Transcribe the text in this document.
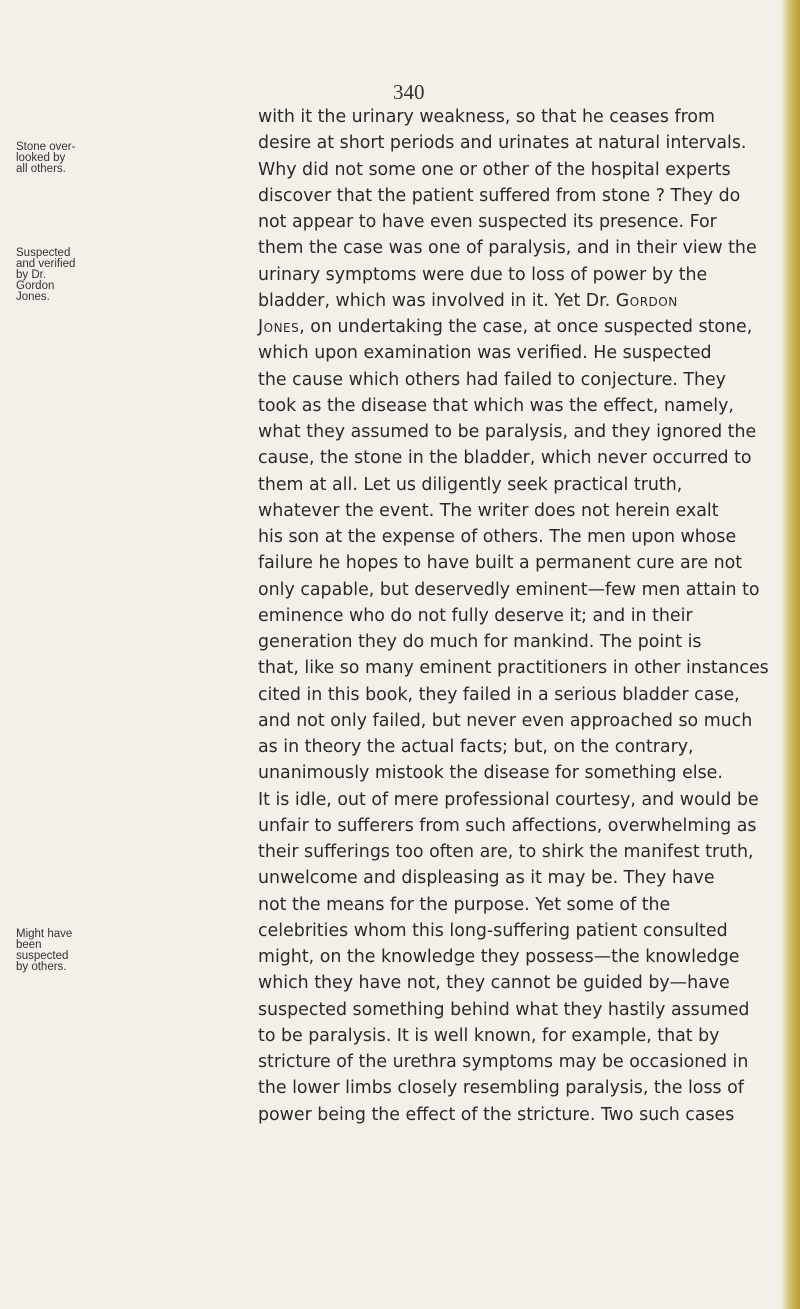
340
Stone over-
looked by
all others.
Suspected
and verified
by Dr.
Gordon
Jones.
Might have
been
suspected
by others.
with it the urinary weakness, so that he ceases from
desire at short periods and urinates at natural intervals.
Why did not some one or other of the hospital experts
discover that the patient suffered from stone ? They do
not appear to have even suspected its presence. For
them the case was one of paralysis, and in their view the
urinary symptoms were due to loss of power by the
bladder, which was involved in it. Yet Dr. Gordon
Jones, on undertaking the case, at once suspected stone,
which upon examination was verified. He suspected
the cause which others had failed to conjecture. They
took as the disease that which was the effect, namely,
what they assumed to be paralysis, and they ignored the
cause, the stone in the bladder, which never occurred to
them at all. Let us diligently seek practical truth,
whatever the event. The writer does not herein exalt
his son at the expense of others. The men upon whose
failure he hopes to have built a permanent cure are not
only capable, but deservedly eminent—few men attain to
eminence who do not fully deserve it; and in their
generation they do much for mankind. The point is
that, like so many eminent practitioners in other instances
cited in this book, they failed in a serious bladder case,
and not only failed, but never even approached so much
as in theory the actual facts; but, on the contrary,
unanimously mistook the disease for something else.
It is idle, out of mere professional courtesy, and would be
unfair to sufferers from such affections, overwhelming as
their sufferings too often are, to shirk the manifest truth,
unwelcome and displeasing as it may be. They have
not the means for the purpose. Yet some of the
celebrities whom this long-suffering patient consulted
might, on the knowledge they possess—the knowledge
which they have not, they cannot be guided by—have
suspected something behind what they hastily assumed
to be paralysis. It is well known, for example, that by
stricture of the urethra symptoms may be occasioned in
the lower limbs closely resembling paralysis, the loss of
power being the effect of the stricture. Two such cases
